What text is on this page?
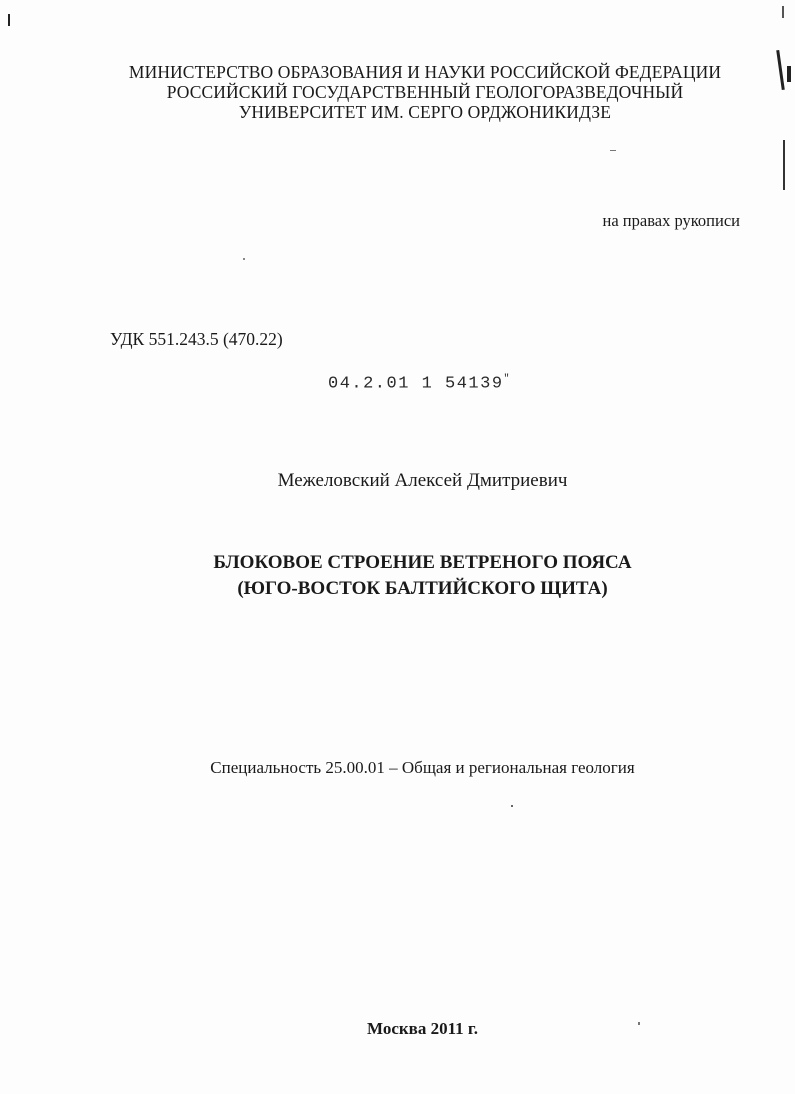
МИНИСТЕРСТВО ОБРАЗОВАНИЯ И НАУКИ РОССИЙСКОЙ ФЕДЕРАЦИИ
РОССИЙСКИЙ ГОСУДАРСТВЕННЫЙ ГЕОЛОГОРАЗВЕДОЧНЫЙ
УНИВЕРСИТЕТ ИМ. СЕРГО ОРДЖОНИКИДЗЕ
на правах рукописи
УДК 551.243.5 (470.22)
04.2.01 1 54139"
Межеловский Алексей Дмитриевич
БЛОКОВОЕ СТРОЕНИЕ ВЕТРЕНОГО ПОЯСА
(ЮГО-ВОСТОК БАЛТИЙСКОГО ЩИТА)
Специальность 25.00.01 – Общая и региональная геология
Москва 2011 г.
